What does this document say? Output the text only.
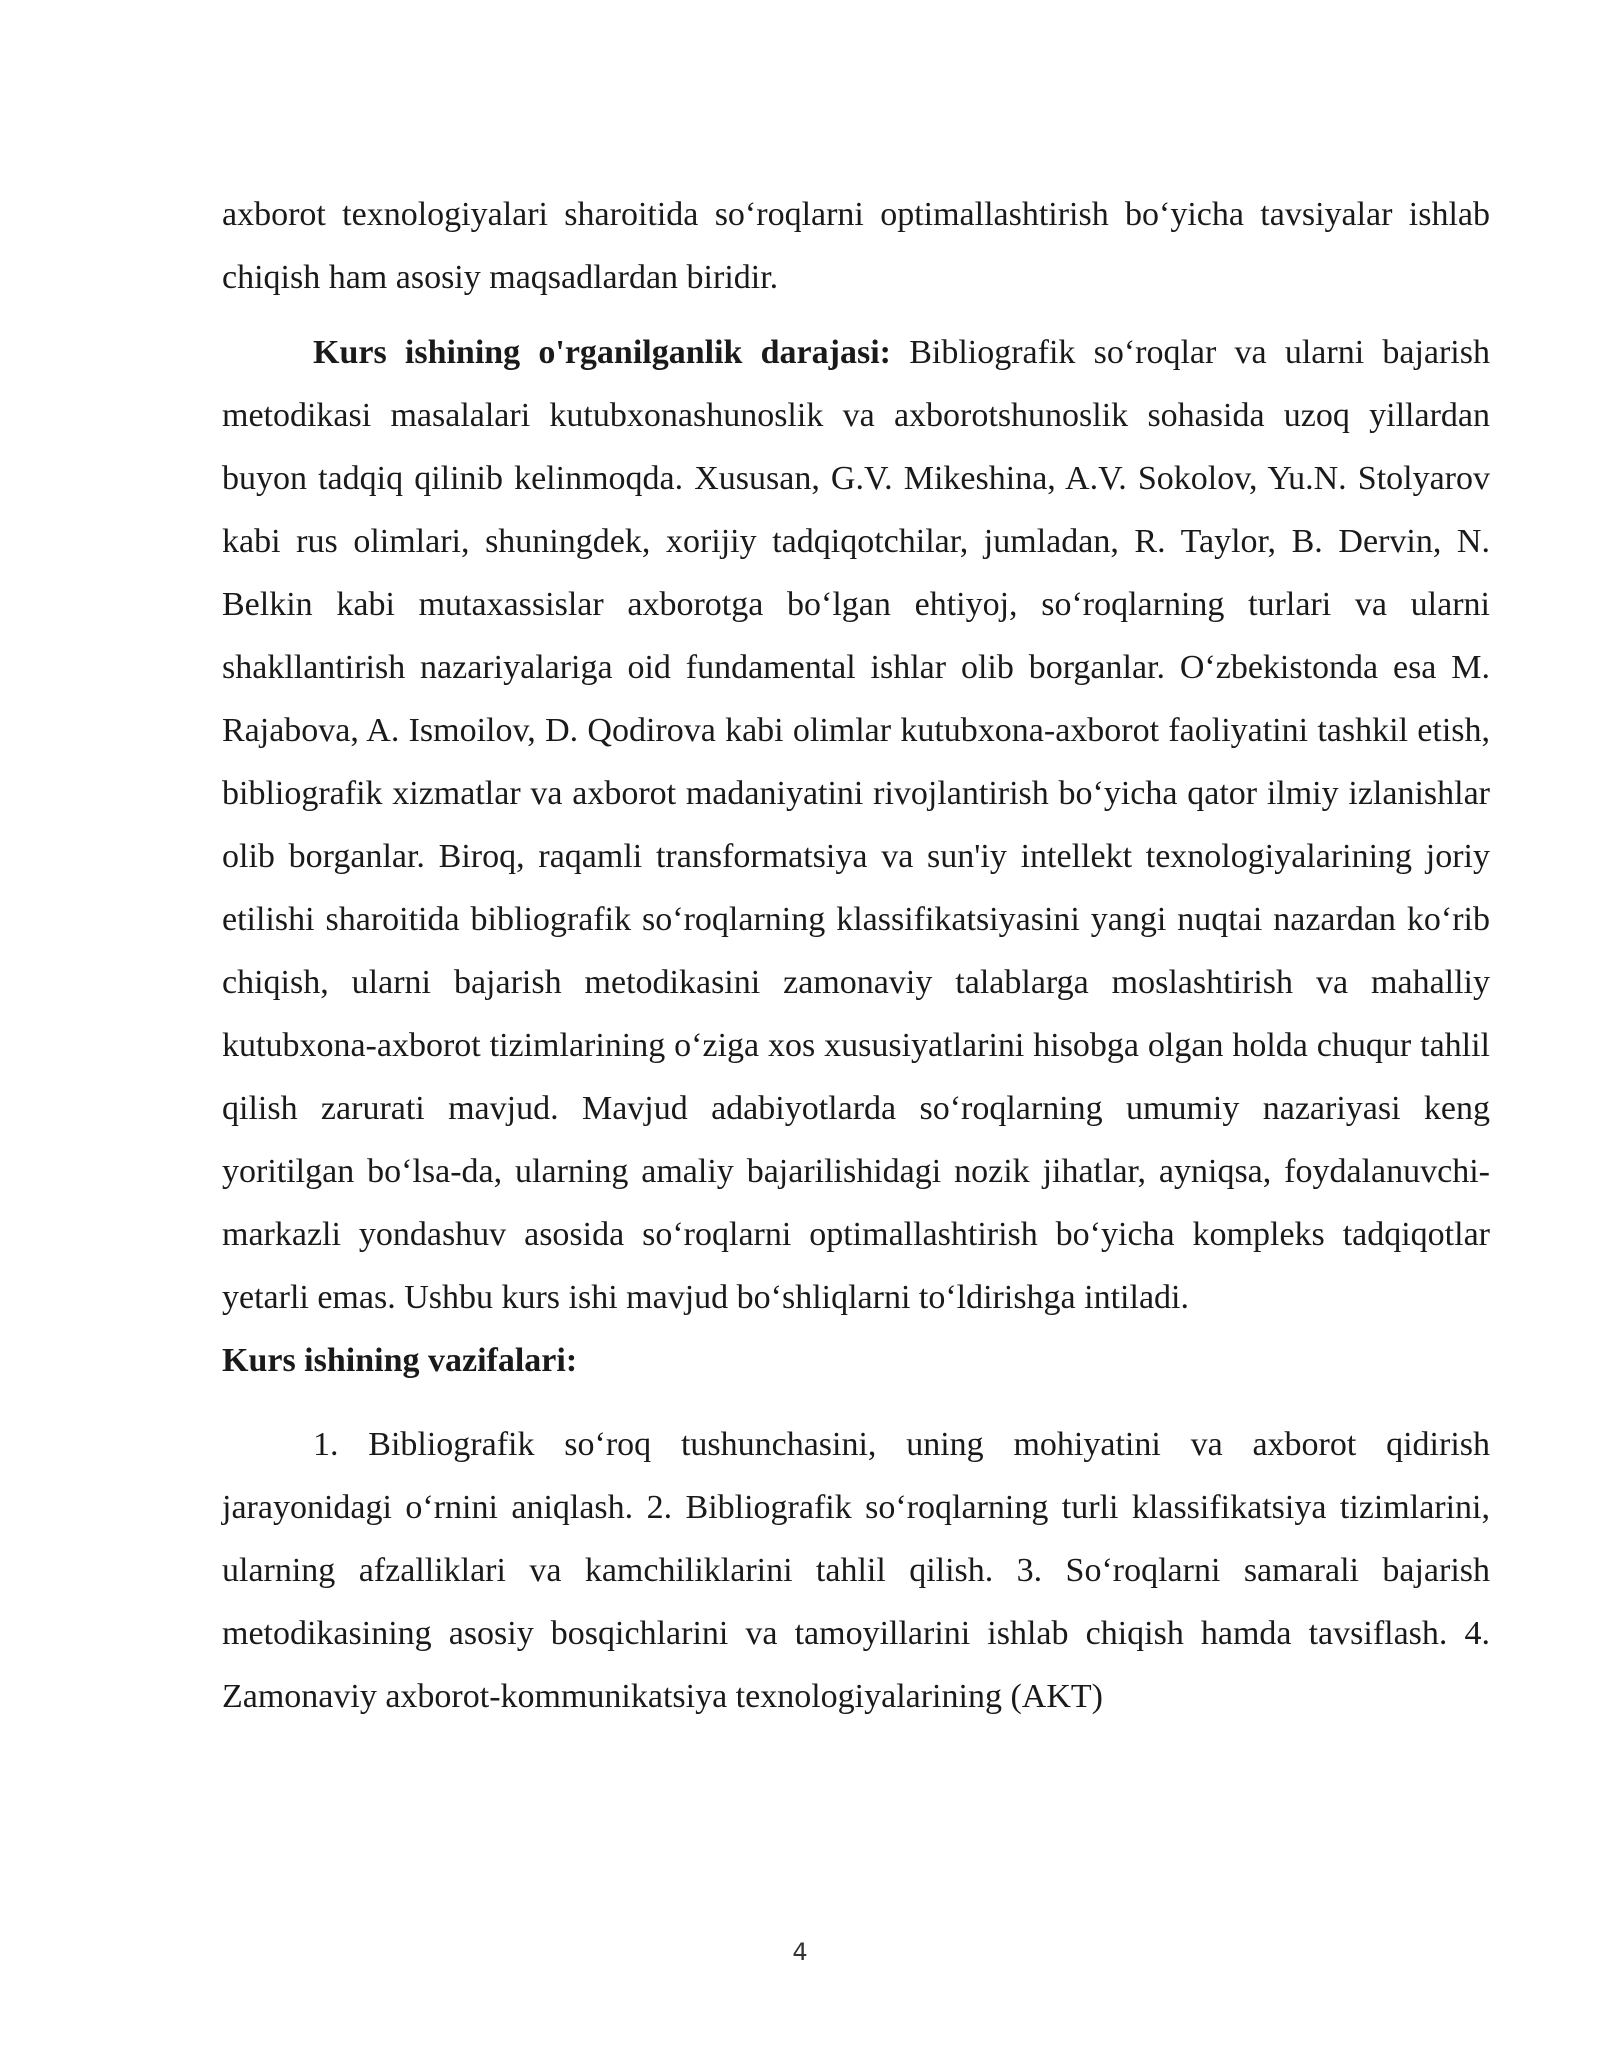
axborot texnologiyalari sharoitida so‘roqlarni optimallashtirish bo‘yicha tavsiyalar ishlab chiqish ham asosiy maqsadlardan biridir.

Kurs ishining o'rganilganlik darajasi: Bibliografik so‘roqlar va ularni bajarish metodikasi masalalari kutubxonashunoslik va axborotshunoslik sohasida uzoq yillardan buyon tadqiq qilinib kelinmoqda. Xususan, G.V. Mikeshina, A.V. Sokolov, Yu.N. Stolyarov kabi rus olimlari, shuningdek, xorijiy tadqiqotchilar, jumladan, R. Taylor, B. Dervin, N. Belkin kabi mutaxassislar axborotga bo‘lgan ehtiyoj, so‘roqlarning turlari va ularni shakllantirish nazariyalariga oid fundamental ishlar olib borganlar. O‘zbekistonda esa M. Rajabova, A. Ismoilov, D. Qodirova kabi olimlar kutubxona-axborot faoliyatini tashkil etish, bibliografik xizmatlar va axborot madaniyatini rivojlantirish bo‘yicha qator ilmiy izlanishlar olib borganlar. Biroq, raqamli transformatsiya va sun'iy intellekt texnologiyalarining joriy etilishi sharoitida bibliografik so‘roqlarning klassifikatsiyasini yangi nuqtai nazardan ko‘rib chiqish, ularni bajarish metodikasini zamonaviy talablarga moslashtirish va mahalliy kutubxona-axborot tizimlarining o‘ziga xos xususiyatlarini hisobga olgan holda chuqur tahlil qilish zarurati mavjud. Mavjud adabiyotlarda so‘roqlarning umumiy nazariyasi keng yoritilgan bo‘lsa-da, ularning amaliy bajarilishidagi nozik jihatlar, ayniqsa, foydalanuvchi-markazli yondashuv asosida so‘roqlarni optimallashtirish bo‘yicha kompleks tadqiqotlar yetarli emas. Ushbu kurs ishi mavjud bo‘shliqlarni to‘ldirishga intiladi.

Kurs ishining vazifalari:

1. Bibliografik so‘roq tushunchasini, uning mohiyatini va axborot qidirish jarayonidagi o‘rnini aniqlash. 2. Bibliografik so‘roqlarning turli klassifikatsiya tizimlarini, ularning afzalliklari va kamchiliklarini tahlil qilish. 3. So‘roqlarni samarali bajarish metodikasining asosiy bosqichlarini va tamoyillarini ishlab chiqish hamda tavsiflash. 4. Zamonaviy axborot-kommunikatsiya texnologiyalarining (AKT)

4
